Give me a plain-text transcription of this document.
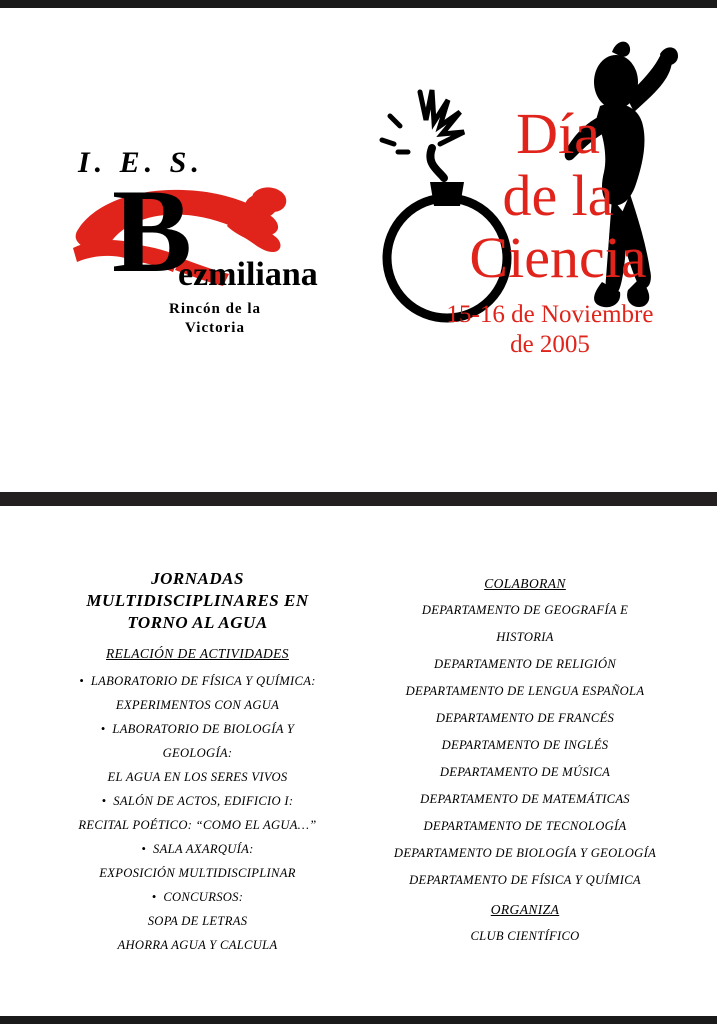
I. E. S.
B
ezmiliana
Rincón de la
Victoria
Día
de la
Ciencia
15-16 de Noviembre
de 2005
JORNADAS
MULTIDISCIPLINARES EN
TORNO AL AGUA
RELACIÓN DE ACTIVIDADES
•  LABORATORIO DE FÍSICA Y QUÍMICA:
EXPERIMENTOS CON AGUA
•  LABORATORIO DE BIOLOGÍA Y
GEOLOGÍA:
EL AGUA EN LOS SERES VIVOS
•  SALÓN DE ACTOS, EDIFICIO I:
RECITAL POÉTICO: “COMO EL AGUA…”
•  SALA AXARQUÍA:
EXPOSICIÓN MULTIDISCIPLINAR
•  CONCURSOS:
SOPA DE LETRAS
AHORRA AGUA Y CALCULA
COLABORAN
DEPARTAMENTO DE GEOGRAFÍA E
HISTORIA
DEPARTAMENTO DE RELIGIÓN
DEPARTAMENTO DE LENGUA ESPAÑOLA
DEPARTAMENTO DE FRANCÉS
DEPARTAMENTO DE INGLÉS
DEPARTAMENTO DE MÚSICA
DEPARTAMENTO DE MATEMÁTICAS
DEPARTAMENTO DE TECNOLOGÍA
DEPARTAMENTO DE BIOLOGÍA Y GEOLOGÍA
DEPARTAMENTO DE FÍSICA Y QUÍMICA
ORGANIZA
CLUB CIENTÍFICO
